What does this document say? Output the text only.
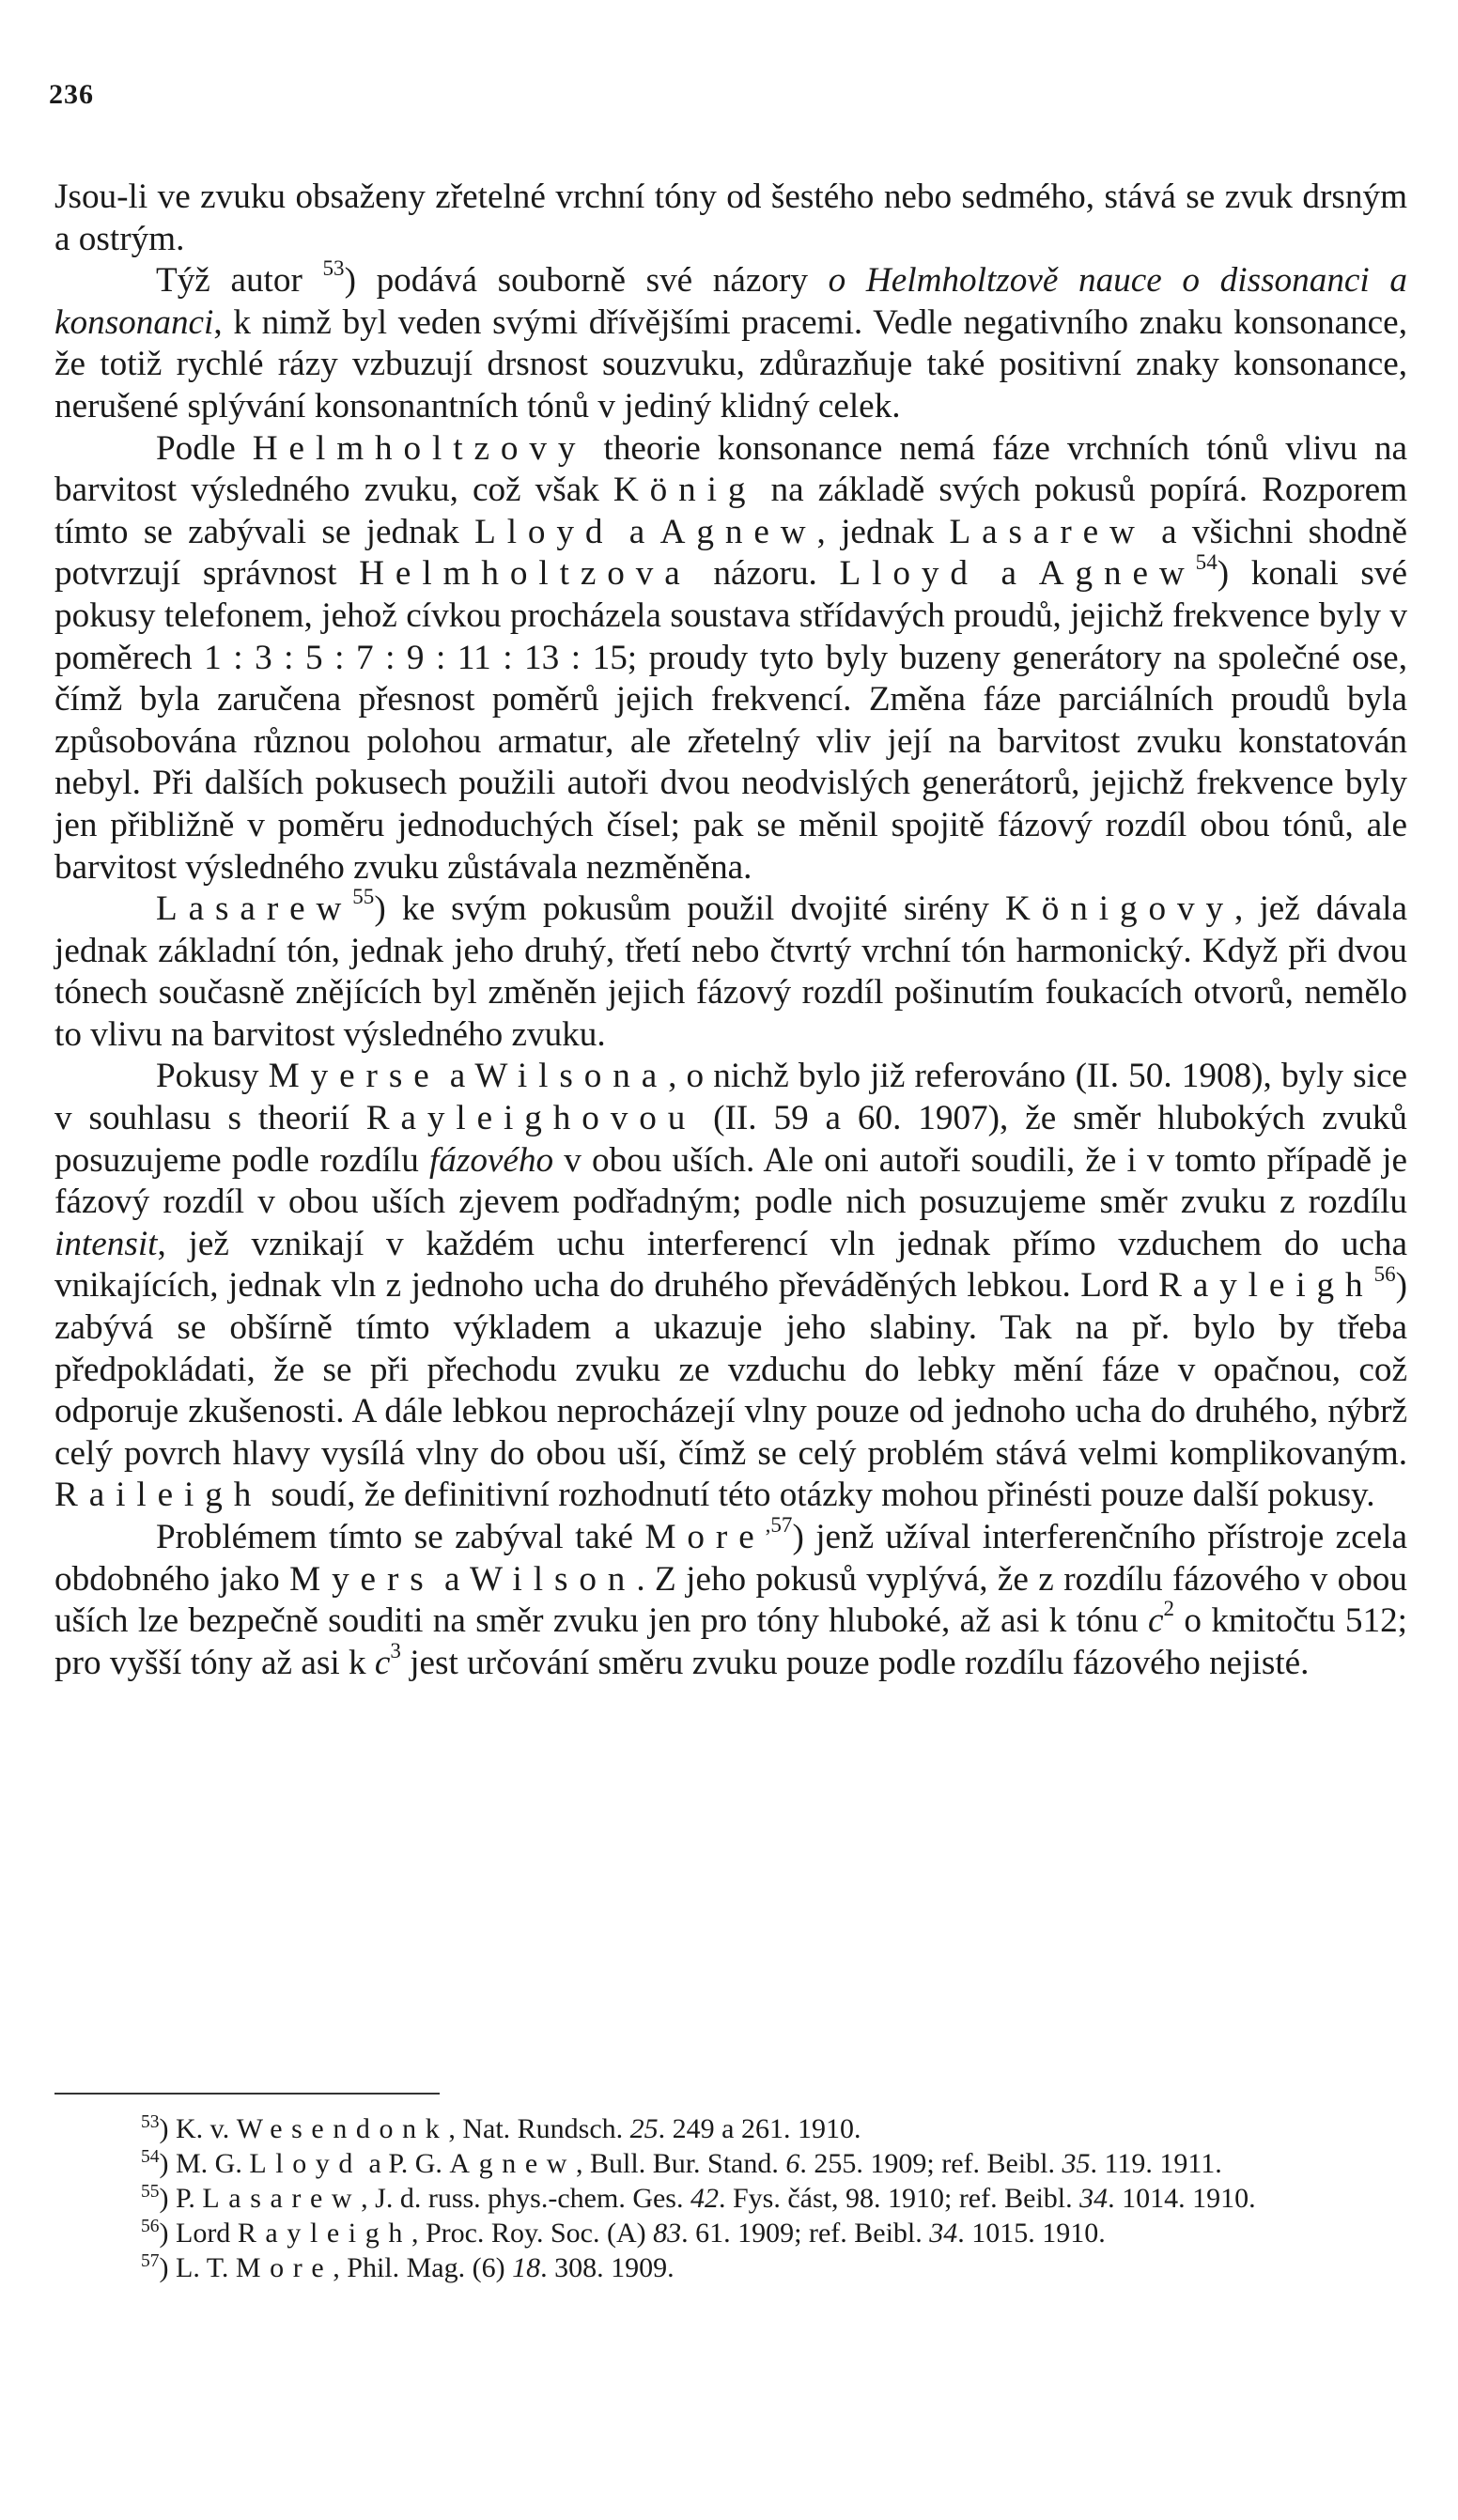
236

Jsou-li ve zvuku obsaženy zřetelné vrchní tóny od šestého nebo sedmého, stává se zvuk drsným a ostrým.

Týž autor $^{53}$) podává souborně své názory o Helmholtzově nauce o dissonanci a konsonanci, k nimž byl veden svými dřívějšími pracemi. Vedle negativního znaku konsonance, že totiž rychlé rázy vzbuzují drsnost souzvuku, zdůrazňuje také positivní znaky konsonance, nerušené splývání konsonantních tónů v jediný klidný celek.

Podle Helmholtzovy theorie konsonance nemá fáze vrchních tónů vlivu na barvitost výsledného zvuku, což však König na základě svých pokusů popírá. Rozporem tímto se zabývali se jednak Lloyd a Agnew, jednak Lasarew a všichni shodně potvrzují správnost Helmholtzova názoru. Lloyd a Agnew$^{54}$) konali své pokusy telefonem, jehož cívkou procházela soustava střídavých proudů, jejichž frekvence byly v poměrech 1 : 3 : 5 : 7 : 9 : 11 : 13 : 15; proudy tyto byly buzeny generátory na společné ose, čímž byla zaručena přesnost poměrů jejich frekvencí. Změna fáze parciálních proudů byla způsobována různou polohou armatur, ale zřetelný vliv její na barvitost zvuku konstatován nebyl. Při dalších pokusech použili autoři dvou neodvislých generátorů, jejichž frekvence byly jen přibližně v poměru jednoduchých čísel; pak se měnil spojitě fázový rozdíl obou tónů, ale barvitost výsledného zvuku zůstávala nezměněna.

Lasarew$^{55}$) ke svým pokusům použil dvojité sirény Königovy, jež dávala jednak základní tón, jednak jeho druhý, třetí nebo čtvrtý vrchní tón harmonický. Když při dvou tónech současně znějících byl změněn jejich fázový rozdíl pošinutím foukacích otvorů, nemělo to vlivu na barvitost výsledného zvuku.

Pokusy Myerse a Wilsona, o nichž bylo již referováno (II. 50. 1908), byly sice v souhlasu s theorií Rayleighovou (II. 59 a 60. 1907), že směr hlubokých zvuků posuzujeme podle rozdílu fázového v obou uších. Ale oni autoři soudili, že i v tomto případě je fázový rozdíl v obou uších zjevem podřadným; podle nich posuzujeme směr zvuku z rozdílu intensit, jež vznikají v každém uchu interferencí vln jednak přímo vzduchem do ucha vnikajících, jednak vln z jednoho ucha do druhého převáděných lebkou. Lord Rayleigh$^{56}$) zabývá se obšírně tímto výkladem a ukazuje jeho slabiny. Tak na př. bylo by třeba předpokládati, že se při přechodu zvuku ze vzduchu do lebky mění fáze v opačnou, což odporuje zkušenosti. A dále lebkou neprocházejí vlny pouze od jednoho ucha do druhého, nýbrž celý povrch hlavy vysílá vlny do obou uší, čímž se celý problém stává velmi komplikovaným. Raileigh soudí, že definitivní rozhodnutí této otázky mohou přinésti pouze další pokusy.

Problémem tímto se zabýval také More$^{,57}$) jenž užíval interferenčního přístroje zcela obdobného jako Myers a Wilson. Z jeho pokusů vyplývá, že z rozdílu fázového v obou uších lze bezpečně souditi na směr zvuku jen pro tóny hluboké, až asi k tónu $c^2$ o kmitočtu 512; pro vyšší tóny až asi k $c^3$ jest určování směru zvuku pouze podle rozdílu fázového nejisté.

$^{53}$) K. v. Wesendonk, Nat. Rundsch. 25. 249 a 261. 1910.

$^{54}$) M. G. Lloyd a P. G. Agnew, Bull. Bur. Stand. 6. 255. 1909; ref. Beibl. 35. 119. 1911.

$^{55}$) P. Lasarew, J. d. russ. phys.-chem. Ges. 42. Fys. část, 98. 1910; ref. Beibl. 34. 1014. 1910.

$^{56}$) Lord Rayleigh, Proc. Roy. Soc. (A) 83. 61. 1909; ref. Beibl. 34. 1015. 1910.

$^{57}$) L. T. More, Phil. Mag. (6) 18. 308. 1909.
